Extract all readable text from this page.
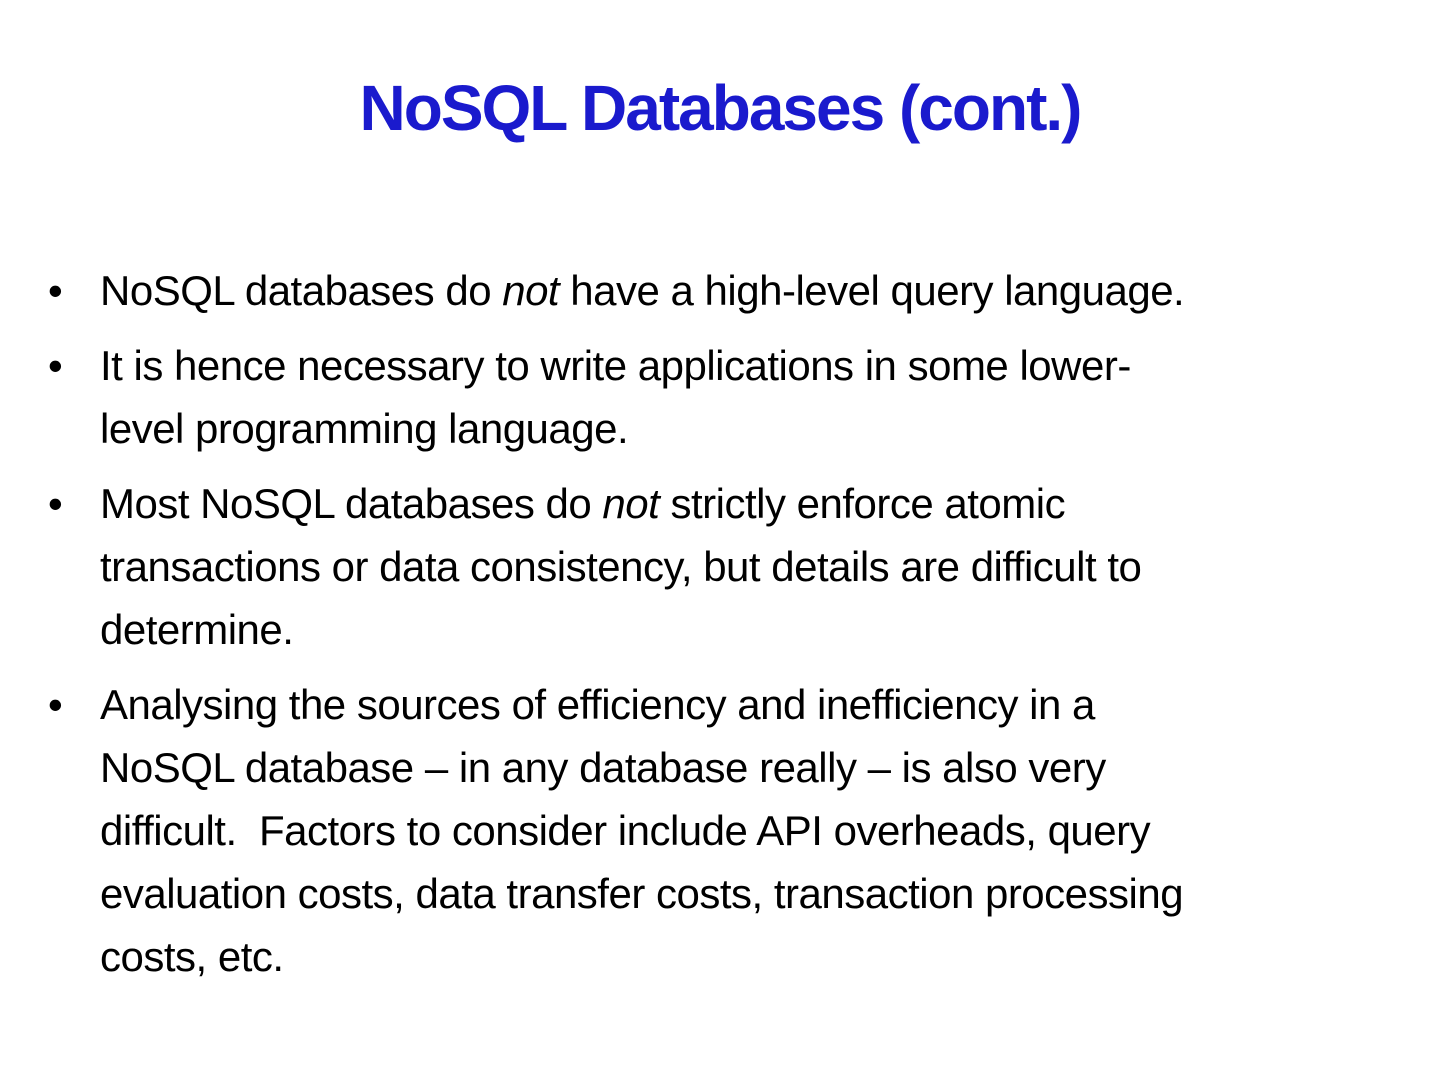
NoSQL Databases (cont.)
• NoSQL databases do not have a high-level query language.
• It is hence necessary to write applications in some lower-
level programming language.
• Most NoSQL databases do not strictly enforce atomic
transactions or data consistency, but details are difficult to
determine.
• Analysing the sources of efficiency and inefficiency in a
NoSQL database – in any database really – is also very
difficult.  Factors to consider include API overheads, query
evaluation costs, data transfer costs, transaction processing
costs, etc.
